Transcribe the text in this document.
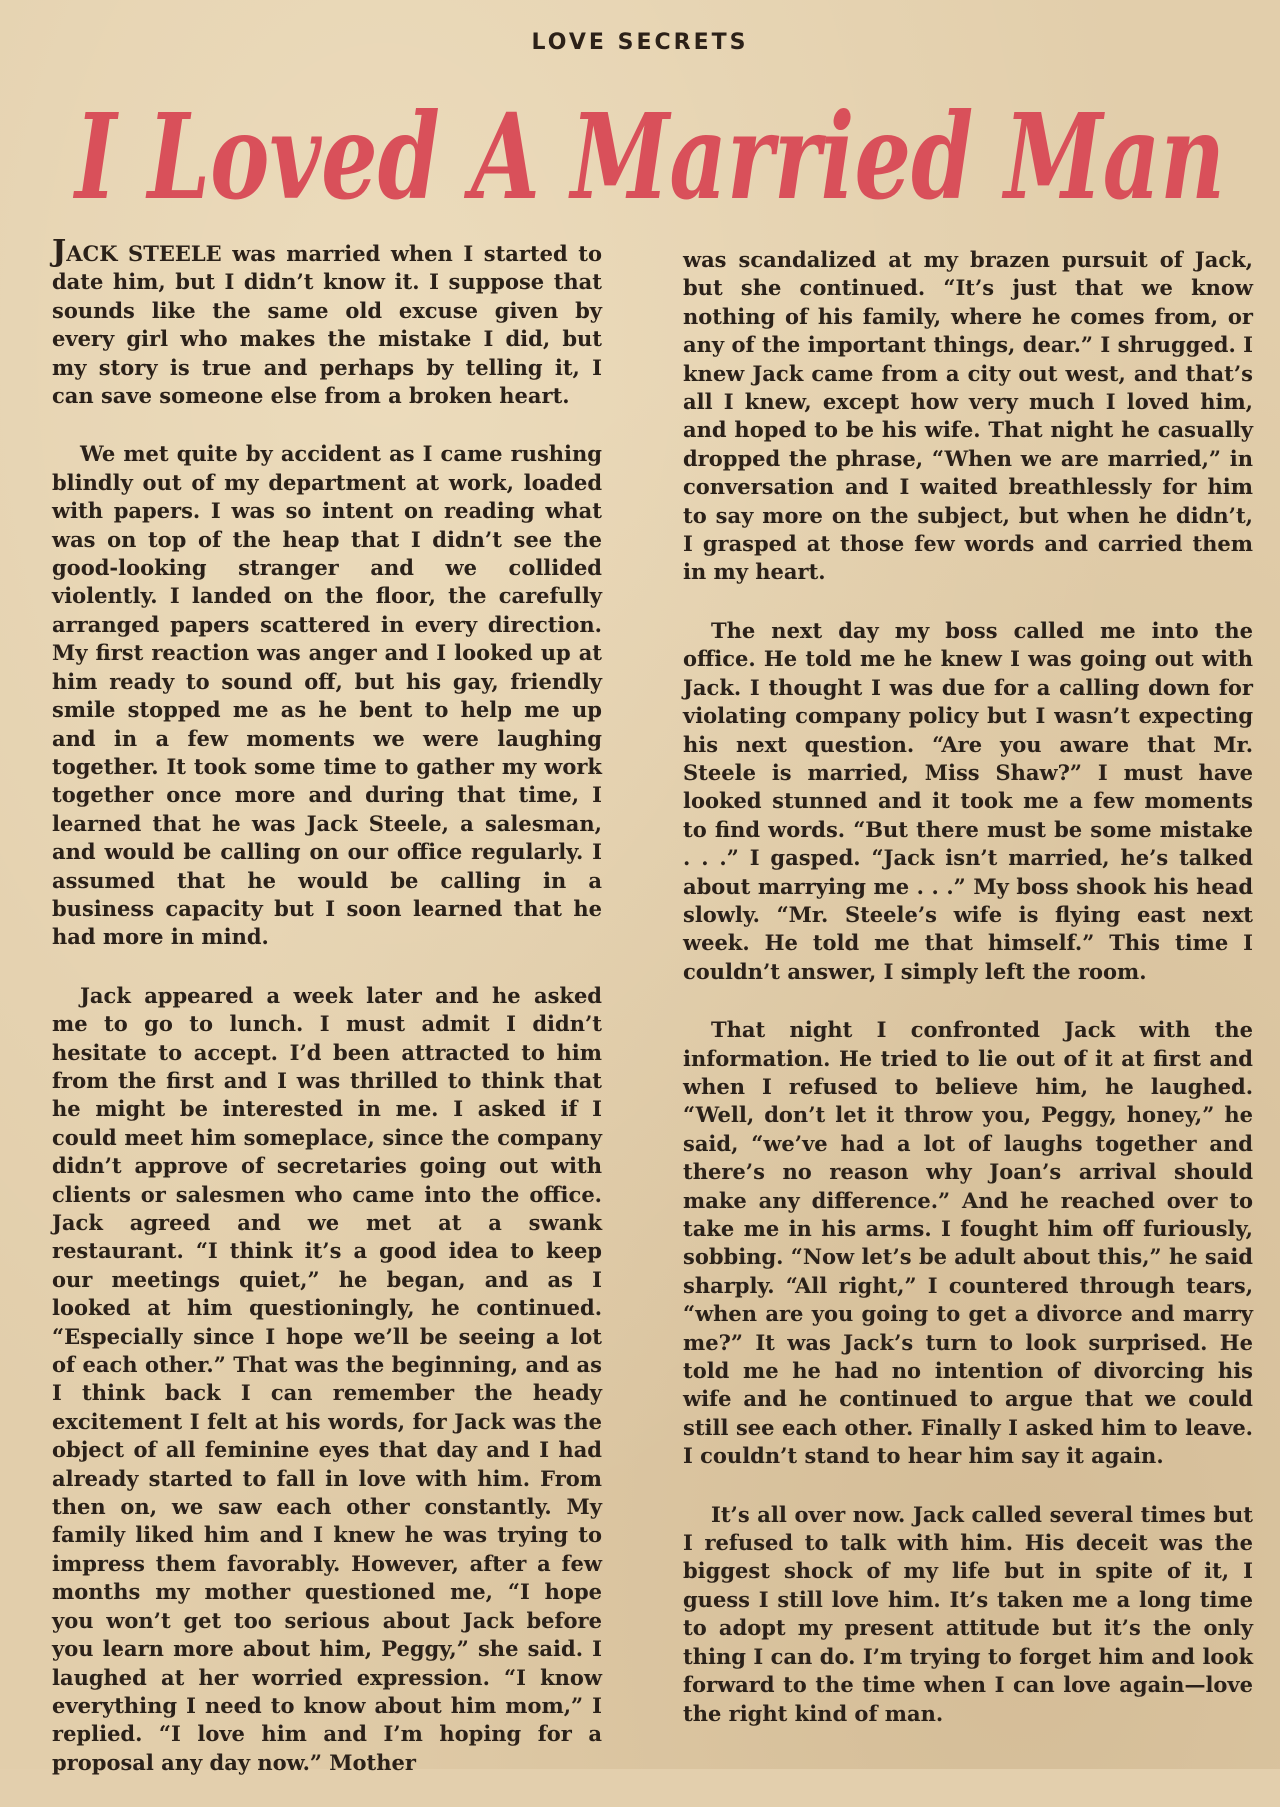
LOVE SECRETS
I Loved A Married Man

JACK STEELE was married when I started to date him, but I didn’t know it. I suppose that sounds like the same old excuse given by every girl who makes the mistake I did, but my story is true and perhaps by telling it, I can save someone else from a broken heart.

We met quite by accident as I came rushing blindly out of my department at work, loaded with papers. I was so intent on reading what was on top of the heap that I didn’t see the good-looking stranger and we collided violently. I landed on the floor, the carefully arranged papers scattered in every direction. My first reaction was anger and I looked up at him ready to sound off, but his gay, friendly smile stopped me as he bent to help me up and in a few moments we were laughing together. It took some time to gather my work together once more and during that time, I learned that he was Jack Steele, a salesman, and would be calling on our office regularly. I assumed that he would be calling in a business capacity but I soon learned that he had more in mind.

Jack appeared a week later and he asked me to go to lunch. I must admit I didn’t hesitate to accept. I’d been attracted to him from the first and I was thrilled to think that he might be interested in me. I asked if I could meet him someplace, since the company didn’t approve of secretaries going out with clients or salesmen who came into the office. Jack agreed and we met at a swank restaurant. “I think it’s a good idea to keep our meetings quiet,” he began, and as I looked at him questioningly, he continued. “Especially since I hope we’ll be seeing a lot of each other.” That was the beginning, and as I think back I can remember the heady excitement I felt at his words, for Jack was the object of all feminine eyes that day and I had already started to fall in love with him. From then on, we saw each other constantly. My family liked him and I knew he was trying to impress them favorably. However, after a few months my mother questioned me, “I hope you won’t get too serious about Jack before you learn more about him, Peggy,” she said. I laughed at her worried expression. “I know everything I need to know about him mom,” I replied. “I love him and I’m hoping for a proposal any day now.” Mother

was scandalized at my brazen pursuit of Jack, but she continued. “It’s just that we know nothing of his family, where he comes from, or any of the important things, dear.” I shrugged. I knew Jack came from a city out west, and that’s all I knew, except how very much I loved him, and hoped to be his wife. That night he casually dropped the phrase, “When we are married,” in conversation and I waited breathlessly for him to say more on the subject, but when he didn’t, I grasped at those few words and carried them in my heart.

The next day my boss called me into the office. He told me he knew I was going out with Jack. I thought I was due for a calling down for violating company policy but I wasn’t expecting his next question. “Are you aware that Mr. Steele is married, Miss Shaw?” I must have looked stunned and it took me a few moments to find words. “But there must be some mistake . . .” I gasped. “Jack isn’t married, he’s talked about marrying me . . .” My boss shook his head slowly. “Mr. Steele’s wife is flying east next week. He told me that himself.” This time I couldn’t answer, I simply left the room.

That night I confronted Jack with the information. He tried to lie out of it at first and when I refused to believe him, he laughed. “Well, don’t let it throw you, Peggy, honey,” he said, “we’ve had a lot of laughs together and there’s no reason why Joan’s arrival should make any difference.” And he reached over to take me in his arms. I fought him off furiously, sobbing. “Now let’s be adult about this,” he said sharply. “All right,” I countered through tears, “when are you going to get a divorce and marry me?” It was Jack’s turn to look surprised. He told me he had no intention of divorcing his wife and he continued to argue that we could still see each other. Finally I asked him to leave. I couldn’t stand to hear him say it again.

It’s all over now. Jack called several times but I refused to talk with him. His deceit was the biggest shock of my life but in spite of it, I guess I still love him. It’s taken me a long time to adopt my present attitude but it’s the only thing I can do. I’m trying to forget him and look forward to the time when I can love again—love the right kind of man.
